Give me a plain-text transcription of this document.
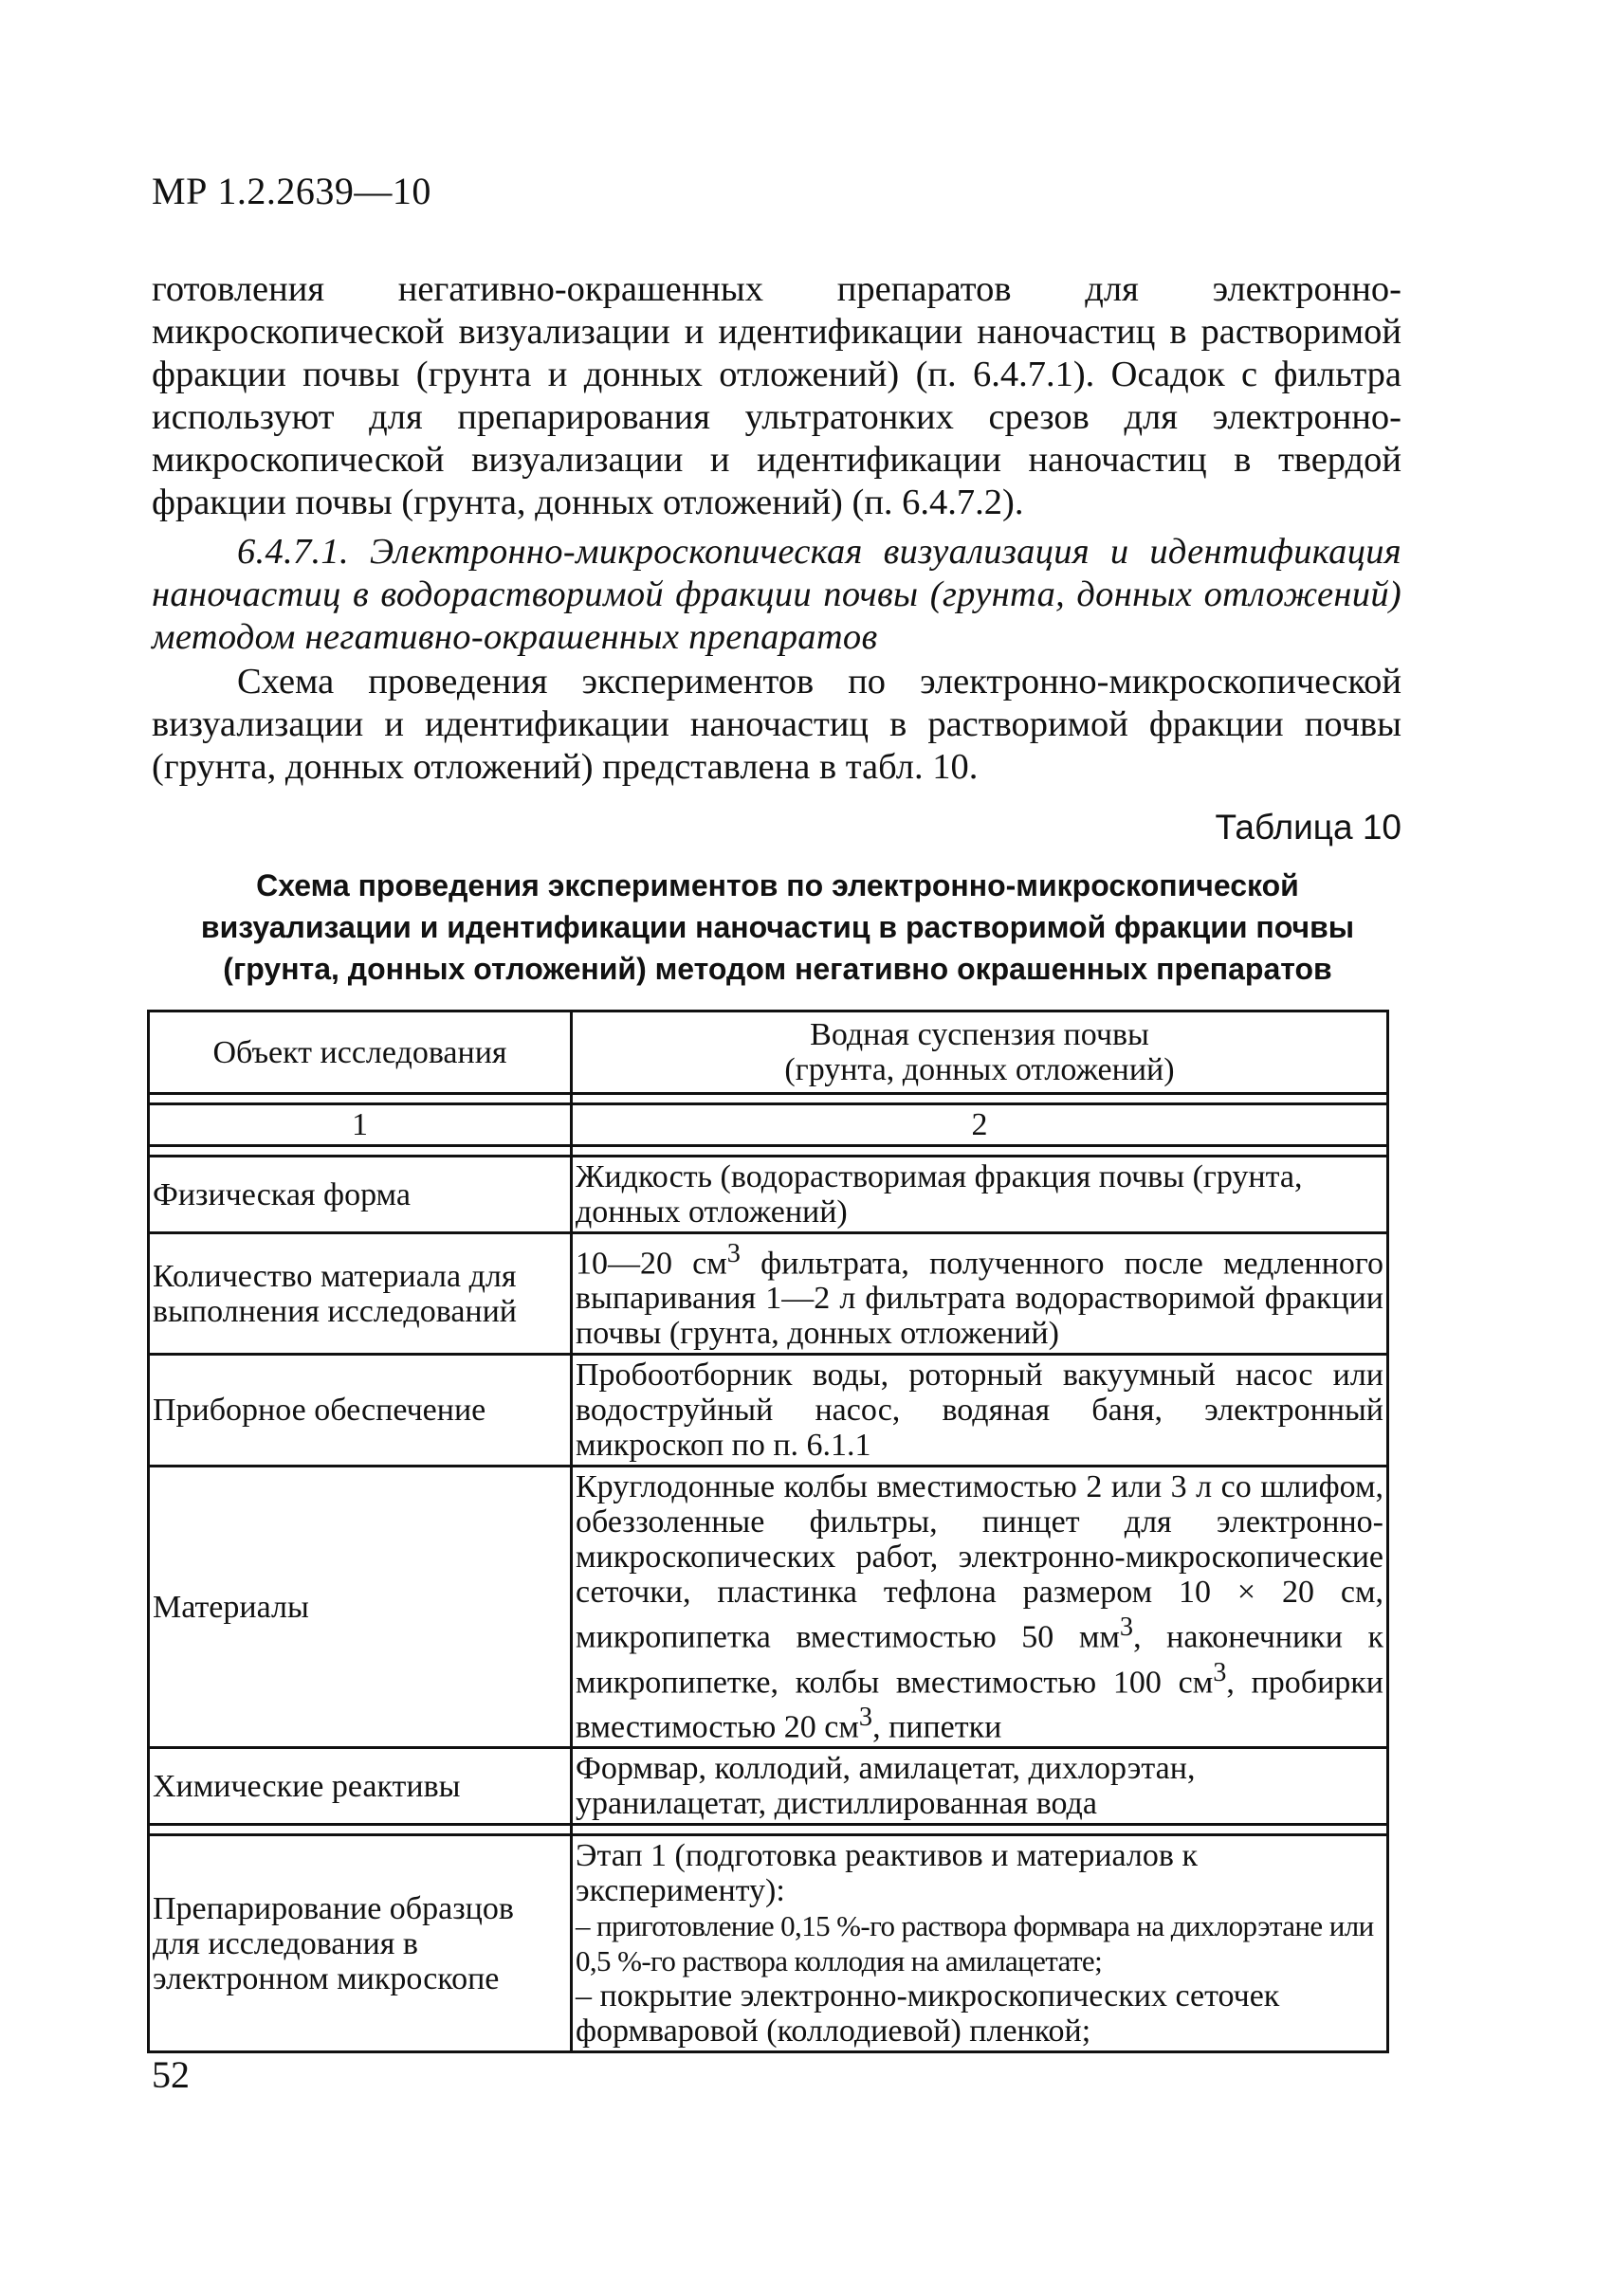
МР 1.2.2639—10
готовления негативно-окрашенных препаратов для электронно-микроскопической визуализации и идентификации наночастиц в растворимой фракции почвы (грунта и донных отложений) (п. 6.4.7.1). Осадок с фильтра используют для препарирования ультратонких срезов для электронно-микроскопической визуализации и идентификации наночастиц в твердой фракции почвы (грунта, донных отложений) (п. 6.4.7.2).
6.4.7.1. Электронно-микроскопическая визуализация и идентификация наночастиц в водорастворимой фракции почвы (грунта, донных отложений) методом негативно-окрашенных препаратов
Схема проведения экспериментов по электронно-микроскопической визуализации и идентификации наночастиц в растворимой фракции почвы (грунта, донных отложений) представлена в табл. 10.
Таблица 10
Схема проведения экспериментов по электронно-микроскопической
визуализации и идентификации наночастиц в растворимой фракции почвы
(грунта, донных отложений) методом негативно окрашенных препаратов
Объект исследования	Водная суспензия почвы
(грунта, донных отложений)

1	2

Физическая форма	Жидкость (водорастворимая фракция почвы (грунта, донных отложений)
Количество материала для выполнения исследований	10—20 $см^3$ фильтрата, полученного после медленного выпаривания 1—2 л фильтрата водорастворимой фракции почвы (грунта, донных отложений)
Приборное обеспечение	Пробоотборник воды, роторный вакуумный насос или водоструйный насос, водяная баня, электронный микроскоп по п. 6.1.1
Материалы	Круглодонные колбы вместимостью 2 или 3 л со шлифом, обеззоленные фильтры, пинцет для электронно-микроскопических работ, электронно-микроскопические сеточки, пластинка тефлона размером 10 × 20 см, микропипетка вместимостью 50 $мм^3$, наконечники к микропипетке, колбы вместимостью 100 $см^3$, пробирки вместимостью 20 $см^3$, пипетки
Химические реактивы	Формвар, коллодий, амилацетат, дихлорэтан, уранилацетат, дистиллированная вода

Препарирование образцов для исследования в электронном микроскопе	Этап 1 (подготовка реактивов и материалов к эксперименту):
– приготовление 0,15 %-го раствора формвара на дихлорэтане или 0,5 %-го раствора коллодия на амилацетате;
– покрытие электронно-микроскопических сеточек формваровой (коллодиевой) пленкой;
52
